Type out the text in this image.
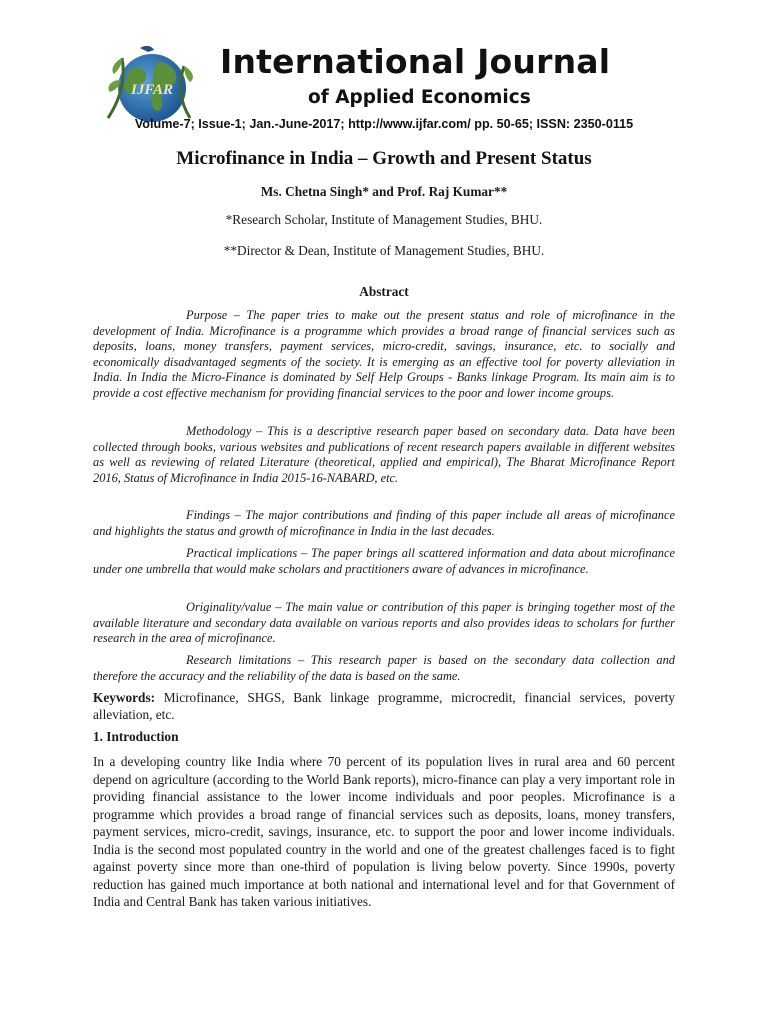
IJFAR
International Journal
of Applied Economics
Volume-7; Issue-1; Jan.-June-2017; http://www.ijfar.com/ pp. 50-65; ISSN: 2350-0115
Microfinance in India – Growth and Present Status
Ms. Chetna Singh* and Prof. Raj Kumar**
*Research Scholar, Institute of Management Studies, BHU.
**Director & Dean, Institute of Management Studies, BHU.
Abstract

Purpose – The paper tries to make out the present status and role of microfinance in the development of India. Microfinance is a programme which provides a broad range of financial services such as deposits, loans, money transfers, payment services, micro-credit, savings, insurance, etc. to socially and economically disadvantaged segments of the society. It is emerging as an effective tool for poverty alleviation in India. In India the Micro-Finance is dominated by Self Help Groups - Banks linkage Program. Its main aim is to provide a cost effective mechanism for providing financial services to the poor and lower income groups.

Methodology – This is a descriptive research paper based on secondary data. Data have been collected through books, various websites and publications of recent research papers available in different websites as well as reviewing of related Literature (theoretical, applied and empirical), The Bharat Microfinance Report 2016, Status of Microfinance in India 2015-16-NABARD, etc.

Findings – The major contributions and finding of this paper include all areas of microfinance and highlights the status and growth of microfinance in India in the last decades.

Practical implications – The paper brings all scattered information and data about microfinance under one umbrella that would make scholars and practitioners aware of advances in microfinance.

Originality/value – The main value or contribution of this paper is bringing together most of the available literature and secondary data available on various reports and also provides ideas to scholars for further research in the area of microfinance.

Research limitations – This research paper is based on the secondary data collection and therefore the accuracy and the reliability of the data is based on the same.

Keywords: Microfinance, SHGS, Bank linkage programme, microcredit, financial services, poverty alleviation, etc.

1. Introduction

In a developing country like India where 70 percent of its population lives in rural area and 60 percent depend on agriculture (according to the World Bank reports), micro-finance can play a very important role in providing financial assistance to the lower income individuals and poor peoples. Microfinance is a programme which provides a broad range of financial services such as deposits, loans, money transfers, payment services, micro-credit, savings, insurance, etc. to support the poor and lower income individuals. India is the second most populated country in the world and one of the greatest challenges faced is to fight against poverty since more than one-third of population is living below poverty. Since 1990s, poverty reduction has gained much importance at both national and international level and for that Government of India and Central Bank has taken various initiatives.
